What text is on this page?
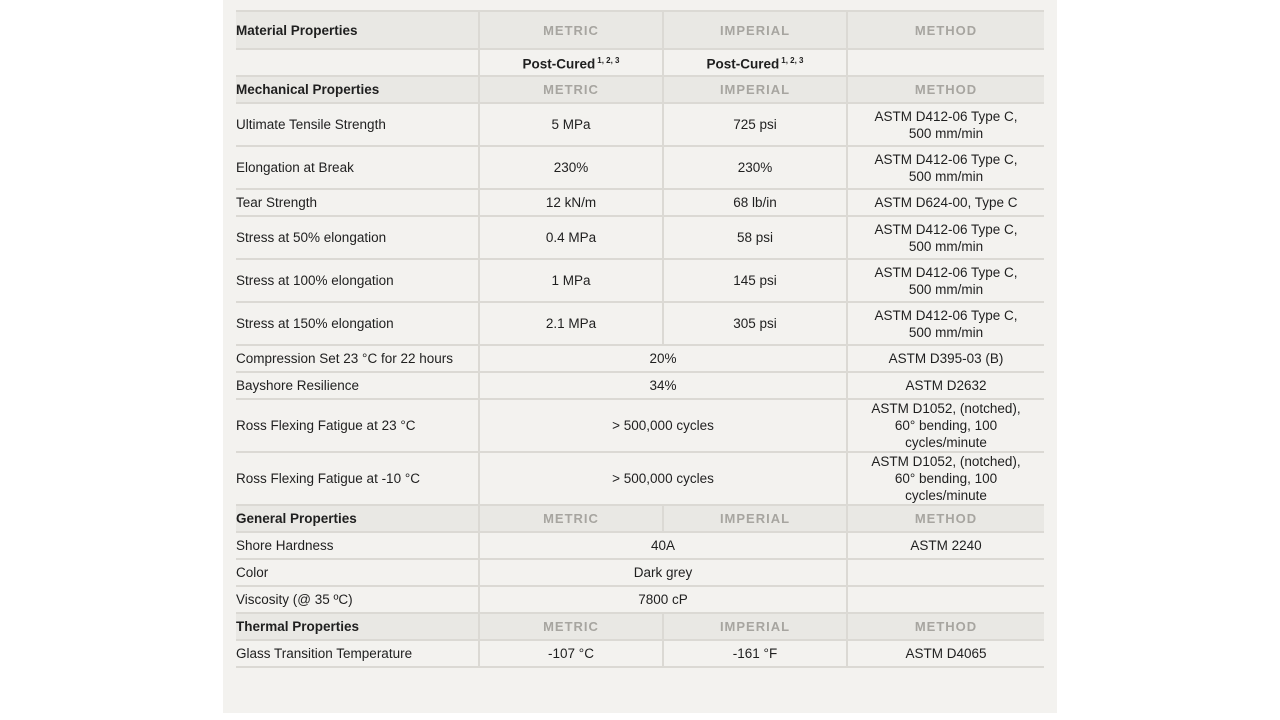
Material Properties	METRIC	IMPERIAL	METHOD
	Post-Cured $^{1, 2, 3}$	Post-Cured $^{1, 2, 3}$	
Mechanical Properties	METRIC	IMPERIAL	METHOD
Ultimate Tensile Strength	5 MPa	725 psi	ASTM D412-06 Type C,
500 mm/min
Elongation at Break	230%	230%	ASTM D412-06 Type C,
500 mm/min
Tear Strength	12 kN/m	68 lb/in	ASTM D624-00, Type C
Stress at 50% elongation	0.4 MPa	58 psi	ASTM D412-06 Type C,
500 mm/min
Stress at 100% elongation	1 MPa	145 psi	ASTM D412-06 Type C,
500 mm/min
Stress at 150% elongation	2.1 MPa	305 psi	ASTM D412-06 Type C,
500 mm/min
Compression Set 23 °C for 22 hours	20%		ASTM D395-03 (B)
Bayshore Resilience	34%		ASTM D2632
Ross Flexing Fatigue at 23 °C	> 500,000 cycles		ASTM D1052, (notched),
60° bending, 100 cycles/minute
Ross Flexing Fatigue at -10 °C	> 500,000 cycles		ASTM D1052, (notched),
60° bending, 100 cycles/minute
General Properties	METRIC	IMPERIAL	METHOD
Shore Hardness	40A		ASTM 2240
Color	Dark grey		
Viscosity (@ 35 ºC)	7800 cP		
Thermal Properties	METRIC	IMPERIAL	METHOD
Glass Transition Temperature	-107 °C	-161 °F	ASTM D4065
